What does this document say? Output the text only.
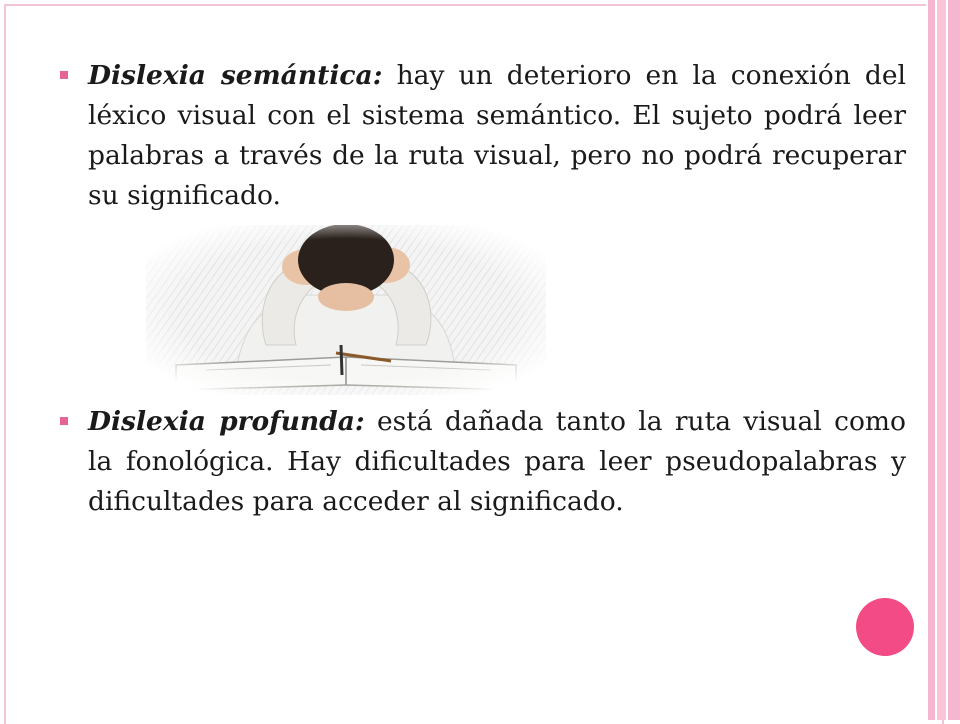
Dislexia semántica: hay un deterioro en la conexión del léxico visual con el sistema semántico. El sujeto podrá leer palabras a través de la ruta visual, pero no podrá recuperar su significado.
Dislexia profunda: está dañada tanto la ruta visual como la fonológica. Hay dificultades para leer pseudopalabras y dificultades para acceder al significado.
